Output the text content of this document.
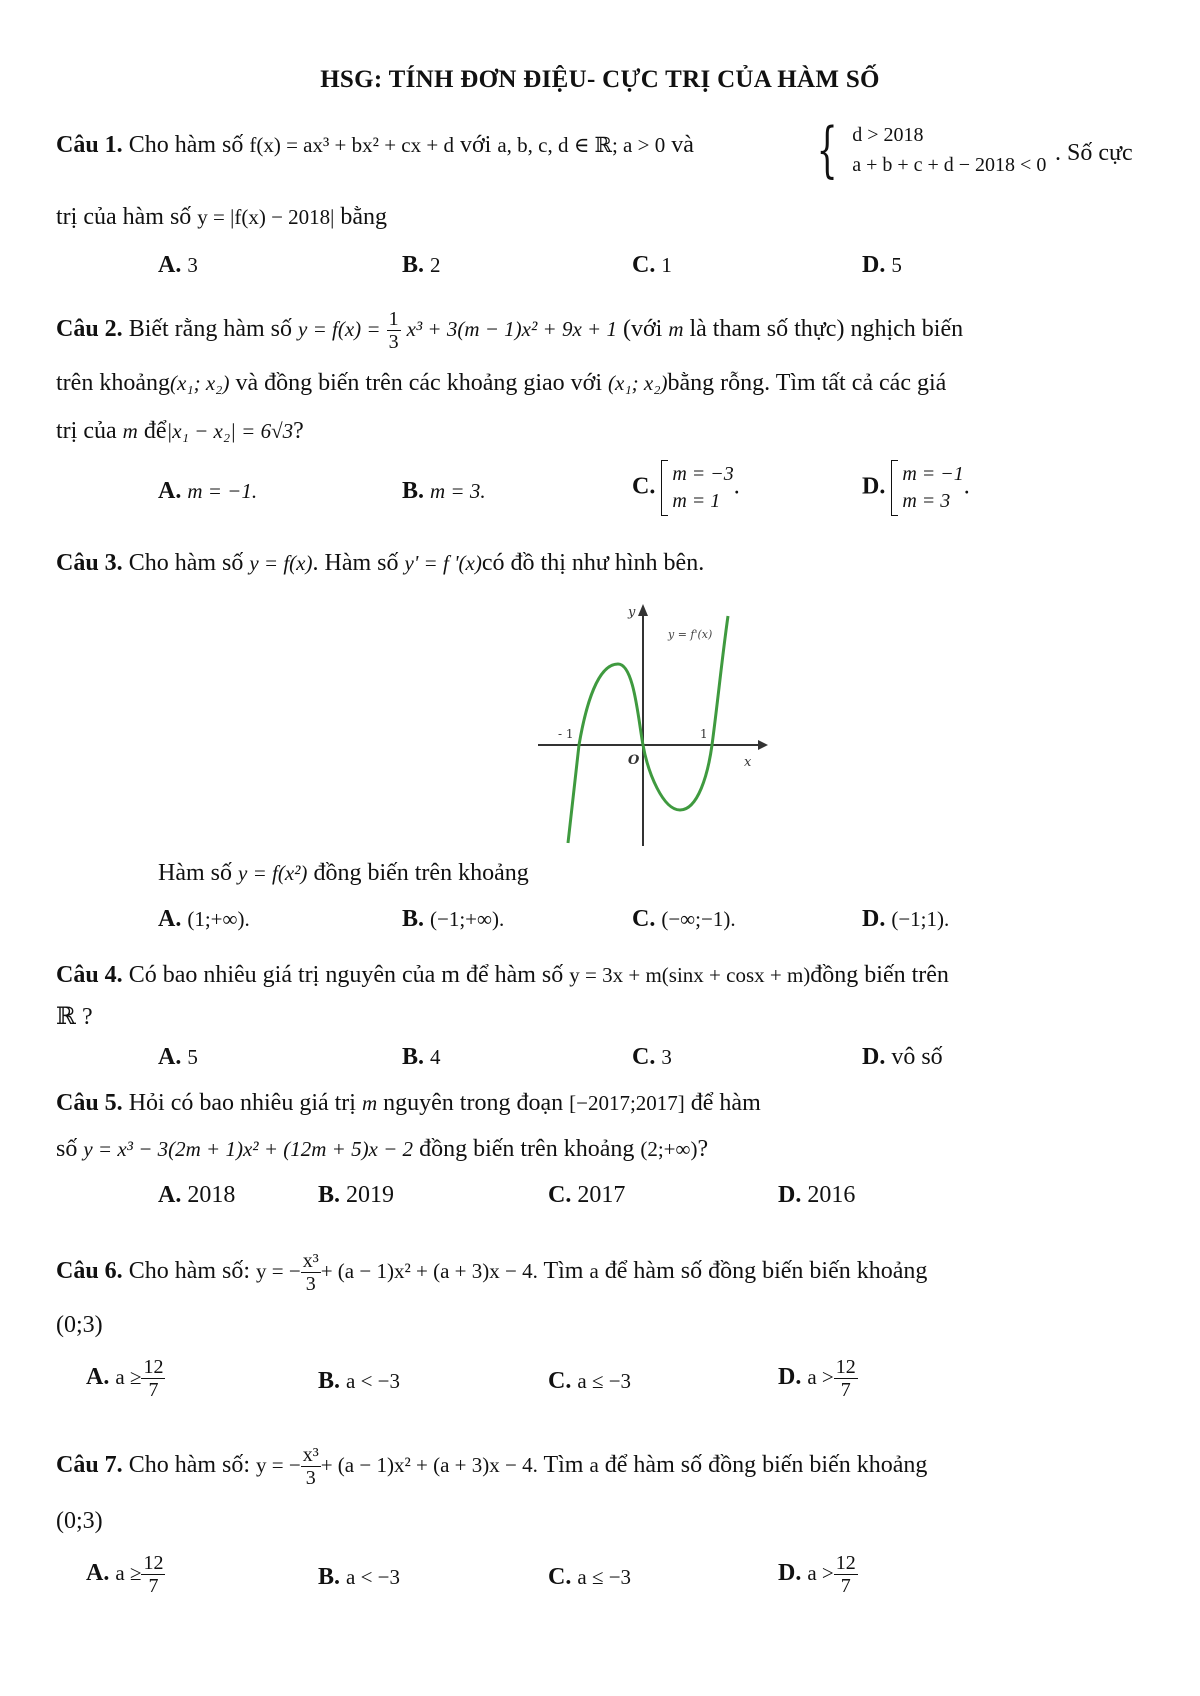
HSG: TÍNH ĐƠN ĐIỆU- CỰC TRỊ CỦA HÀM SỐ
Câu 1. Cho hàm số f(x) = ax³ + bx² + cx + d với a, b, c, d ∈ ℝ; a > 0 và { d > 2018
a + b + c + d − 2018 < 0 . Số cực
trị của hàm số y = |f(x) − 2018| bằng
A. 3	B. 2	C. 1	D. 5
Câu 2. Biết rằng hàm số $y = f(x) = \frac{1}{3} x^3 + 3(m - 1)x^2 + 9x + 1$ (với m là tham số thực) nghịch biến
trên khoảng(x₁; x₂) và đồng biến trên các khoảng giao với (x₁; x₂)bằng rỗng. Tìm tất cả các giá
trị của m để|x₁ − x₂| = 6√3?
A. m = −1.	B. m = 3.	C. m = −3
m = 1
.	D. m = −1
m = 3
.
Câu 3. Cho hàm số y = f(x). Hàm số y' = f '(x)có đồ thị như hình bên.
y
x
O
- 1	1
y = f'(x)
Hàm số y = f(x²) đồng biến trên khoảng
A. (1;+∞).	B. (−1;+∞).	C. (−∞;−1).	D. (−1;1).
Câu 4. Có bao nhiêu giá trị nguyên của m để hàm số y = 3x + m(sinx + cosx + m)đồng biến trên
ℝ ?
A. 5	B. 4	C. 3	D. vô số
Câu 5. Hỏi có bao nhiêu giá trị m nguyên trong đoạn [−2017;2017] để hàm
số y = x³ − 3(2m + 1)x² + (12m + 5)x − 2 đồng biến trên khoảng (2;+∞)?
A. 2018	B. 2019	C. 2017	D. 2016
Câu 6. Cho hàm số: y = − $\frac{\text{x³}}{3} + (a - 1)x^2 + (a + 3)x - 4$. Tìm a để hàm số đồng biến biến khoảng
(0;3)
A. $a \ge \frac{12}{7}$	B. a < −3	C. a ≤ −3	D. $a > \frac{12}{7}$
Câu 7. Cho hàm số: y = − $\frac{\text{x³}}{3} + (a - 1)x^2 + (a + 3)x - 4$. Tìm a để hàm số đồng biến biến khoảng
(0;3)
A. $a \ge \frac{12}{7}$	B. a < −3	C. a ≤ −3	D. $a > \frac{12}{7}$
